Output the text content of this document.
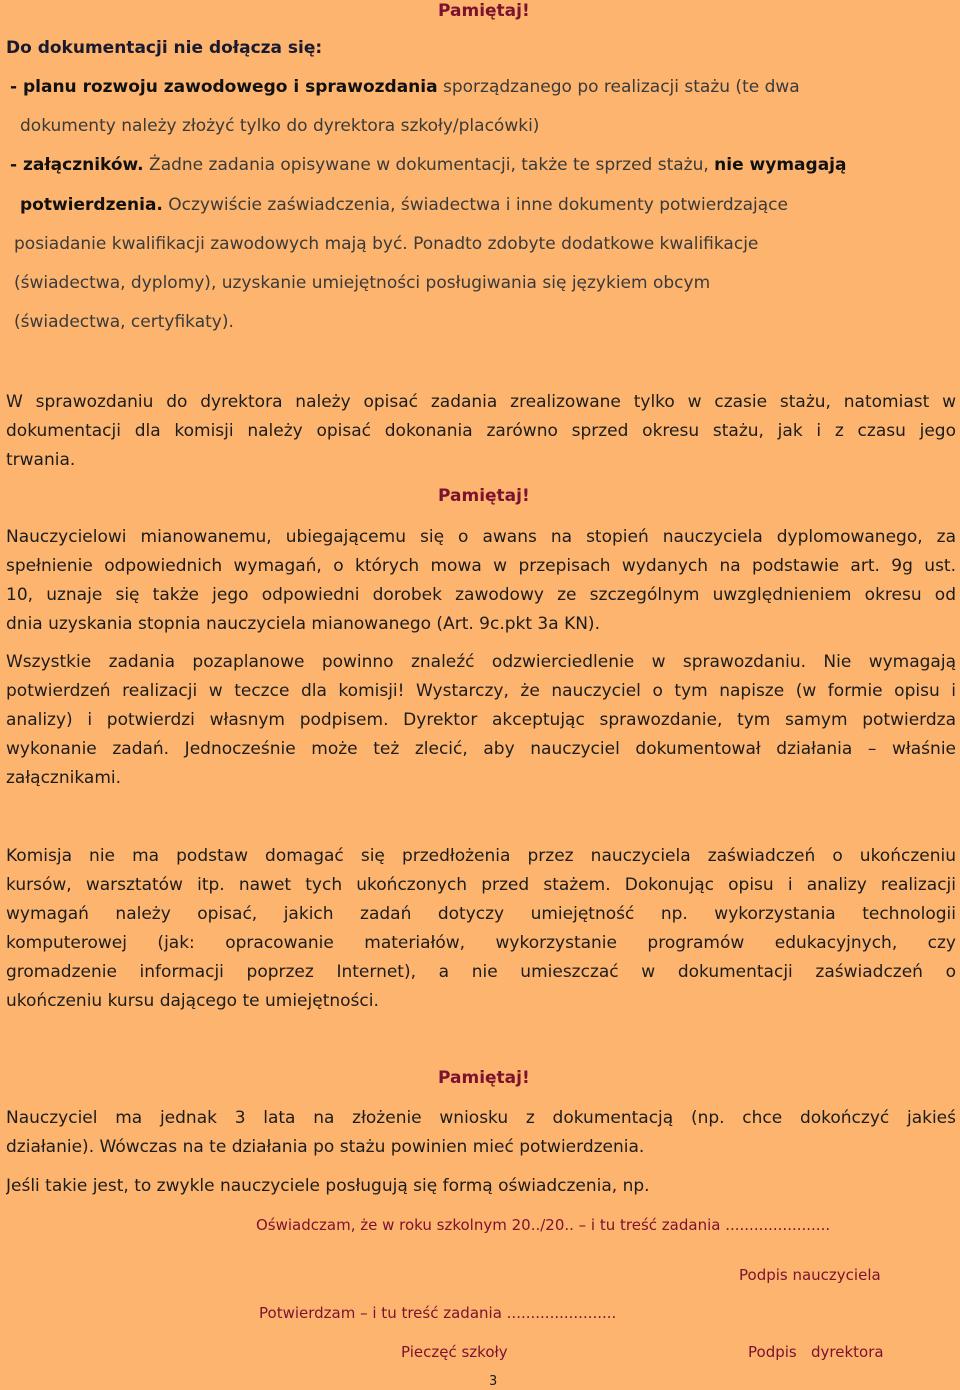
Pamiętaj!
Do dokumentacji nie dołącza się:
- planu rozwoju zawodowego i sprawozdania sporządzanego po realizacji stażu (te dwa
dokumenty należy złożyć tylko do dyrektora szkoły/placówki)
- załączników. Żadne zadania opisywane w dokumentacji, także te sprzed stażu, nie wymagają
potwierdzenia. Oczywiście zaświadczenia, świadectwa i inne dokumenty potwierdzające
posiadanie kwalifikacji zawodowych mają być. Ponadto zdobyte dodatkowe kwalifikacje
(świadectwa, dyplomy), uzyskanie umiejętności posługiwania się językiem obcym
(świadectwa, certyfikaty).
W sprawozdaniu do dyrektora należy opisać zadania zrealizowane tylko w czasie stażu, natomiast w
dokumentacji dla komisji należy opisać dokonania zarówno sprzed okresu stażu, jak i z czasu jego
trwania.
Pamiętaj!
Nauczycielowi mianowanemu, ubiegającemu się o awans na stopień nauczyciela dyplomowanego, za
spełnienie odpowiednich wymagań, o których mowa w przepisach wydanych na podstawie art. 9g ust.
10, uznaje się także jego odpowiedni dorobek zawodowy ze szczególnym uwzględnieniem okresu od
dnia uzyskania stopnia nauczyciela mianowanego (Art. 9c.pkt 3a KN).
Wszystkie zadania pozaplanowe powinno znaleźć odzwierciedlenie w sprawozdaniu. Nie wymagają
potwierdzeń realizacji w teczce dla komisji! Wystarczy, że nauczyciel o tym napisze (w formie opisu i
analizy) i potwierdzi własnym podpisem. Dyrektor akceptując sprawozdanie, tym samym potwierdza
wykonanie zadań. Jednocześnie może też zlecić, aby nauczyciel dokumentował działania – właśnie
załącznikami.
Komisja nie ma podstaw domagać się przedłożenia przez nauczyciela zaświadczeń o ukończeniu
kursów, warsztatów itp. nawet tych ukończonych przed stażem. Dokonując opisu i analizy realizacji
wymagań należy opisać, jakich zadań dotyczy umiejętność np. wykorzystania technologii
komputerowej (jak: opracowanie materiałów, wykorzystanie programów edukacyjnych, czy
gromadzenie informacji poprzez Internet), a nie umieszczać w dokumentacji zaświadczeń o
ukończeniu kursu dającego te umiejętności.
Pamiętaj!
Nauczyciel ma jednak 3 lata na złożenie wniosku z dokumentacją (np. chce dokończyć jakieś
działanie). Wówczas na te działania po stażu powinien mieć potwierdzenia.
Jeśli takie jest, to zwykle nauczyciele posługują się formą oświadczenia, np.
Oświadczam, że w roku szkolnym 20../20.. – i tu treść zadania ......................
Podpis nauczyciela
Potwierdzam – i tu treść zadania .......................
Pieczęć szkoły	Podpis   dyrektora
3
